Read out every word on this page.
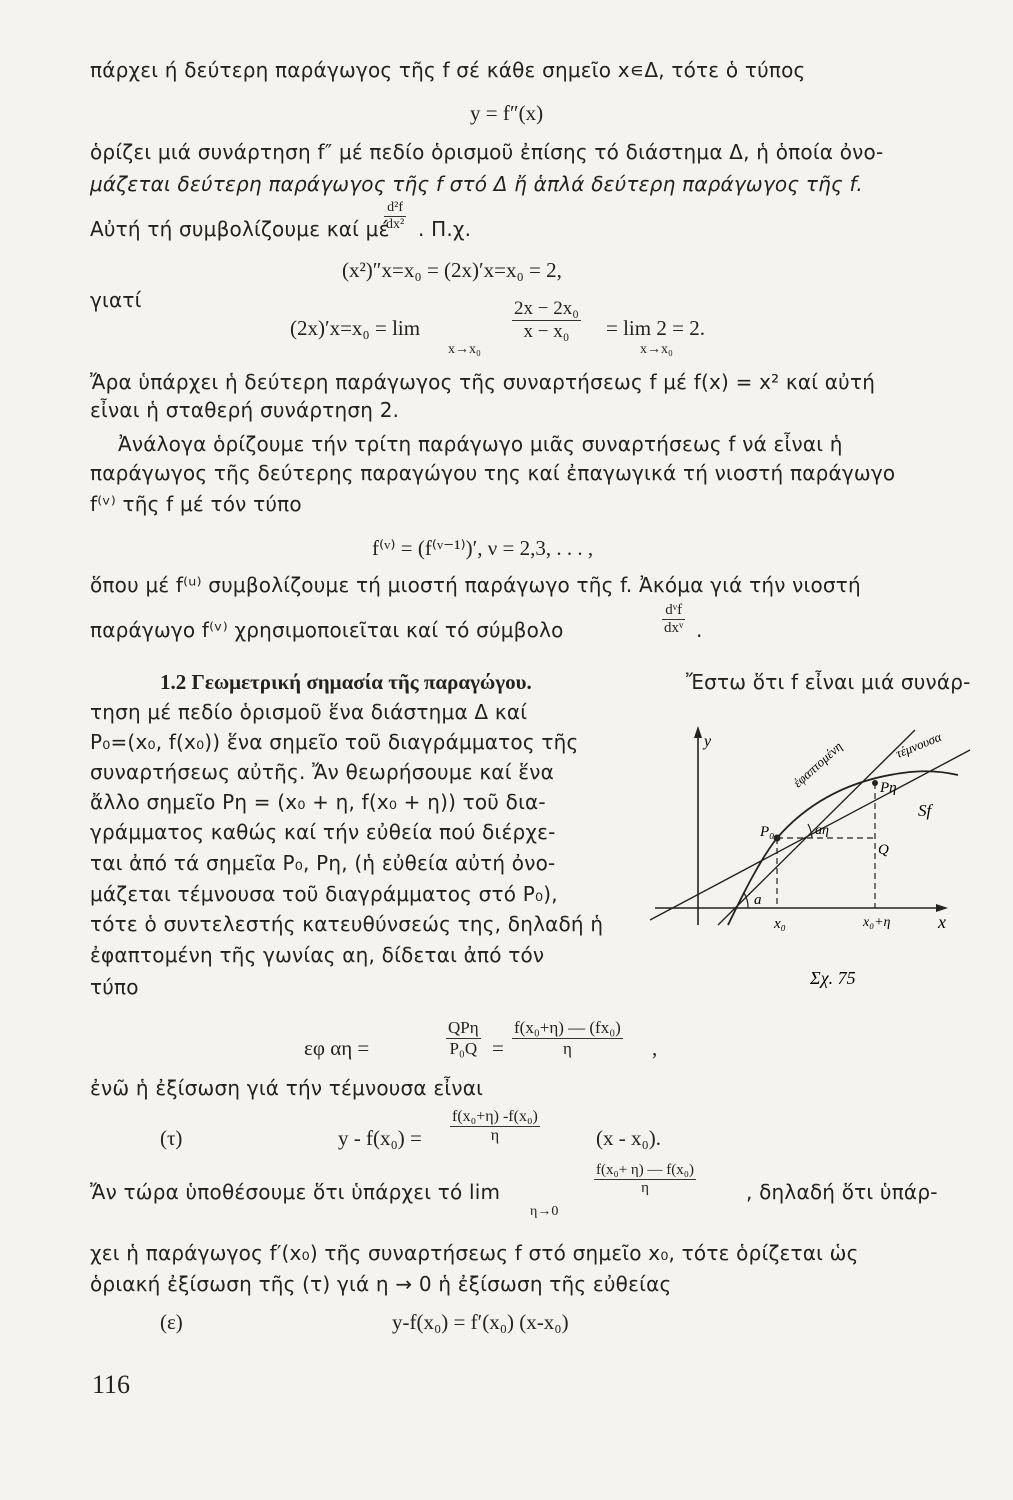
πάρχει ή δεύτερη παράγωγος τῆς f σέ κάθε σημεῖο x∊Δ, τότε ὁ τύπος
y = f″(x)
ὁρίζει μιά συνάρτηση f″ μέ πεδίο ὁρισμοῦ ἐπίσης τό διάστημα Δ, ἡ ὁποία ὀνο-
μάζεται δεύτερη παράγωγος τῆς f στό Δ ἤ ἁπλά δεύτερη παράγωγος τῆς f.
Αὐτή τή συμβολίζουμε καί μέ
$\frac{\text{d²f}}{\text{dx²}}$ . Π.χ.
(x²)″x=x₀ = (2x)′x=x₀ = 2,
γιατί
(2x)′x=x₀ = lim
x→x₀
$\frac{\text{2x − 2x₀}}{\text{x − x₀}} = \lim 2 = 2$.
x→x₀
Ἄρα ὑπάρχει ἡ δεύτερη παράγωγος τῆς συναρτήσεως f μέ f(x) = x² καί αὐτή
εἶναι ἡ σταθερή συνάρτηση 2.
Ἀνάλογα ὁρίζουμε τήν τρίτη παράγωγο μιᾶς συναρτήσεως f νά εἶναι ἡ
παράγωγος τῆς δεύτερης παραγώγου της καί ἐπαγωγικά τή νιοστή παράγωγο
f⁽ᵛ⁾ τῆς f μέ τόν τύπο
f⁽ᵛ⁾ = (f⁽ᵛ⁻¹⁾)′, ν = 2,3, . . . ,
ὅπου μέ f⁽ᵘ⁾ συμβολίζουμε τή μιοστή παράγωγο τῆς f. Ἀκόμα γιά τήν νιοστή
παράγωγο f⁽ᵛ⁾ χρησιμοποιεῖται καί τό σύμβολο
dᵛf
dxᵛ .
1.2 Γεωμετρική σημασία τῆς παραγώγου.	Ἔστω ὅτι f εἶναι μιά συνάρ-
τηση μέ πεδίο ὁρισμοῦ ἕνα διάστημα Δ καί
P₀=(x₀, f(x₀)) ἕνα σημεῖο τοῦ διαγράμματος τῆς
συναρτήσεως αὐτῆς. Ἄν θεωρήσουμε καί ἕνα
ἄλλο σημεῖο Pη = (x₀ + η, f(x₀ + η)) τοῦ δια-
γράμματος καθώς καί τήν εὐθεία πού διέρχε-
ται ἀπό τά σημεῖα P₀, Pη, (ἡ εὐθεία αὐτή ὀνο-
μάζεται τέμνουσα τοῦ διαγράμματος στό P₀),
τότε ὁ συντελεστής κατευθύνσεώς της, δηλαδή ἡ
ἐφαπτομένη τῆς γωνίας αη, δίδεται ἀπό τόν
τύπο
y
x
ἐφαπτομένη	τέμνουσα
P₀
Pη
Sf
Q
aη
a
x₀	x₀+η
Σχ. 75
εφ αη =
QPη
$P_0Q = \frac{\text{f(x₀+η) — (fx₀)}}{\eta}$ ,
ἐνῶ ἡ ἐξίσωση γιά τήν τέμνουσα εἶναι
(τ)	$y - f(x_0) = \frac{\text{f(x₀+η) -f(x₀)}}{\eta}$	(x - x₀).
Ἄν τώρα ὑποθέσουμε ὅτι ὑπάρχει τό lim
η→0
$\frac{\text{f(x₀+ η) — f(x₀)}}{\eta}$	, δηλαδή ὅτι ὑπάρ-
χει ἡ παράγωγος f′(x₀) τῆς συναρτήσεως f στό σημεῖο x₀, τότε ὁρίζεται ὡς
ὁριακή ἐξίσωση τῆς (τ) γιά η → 0 ἡ ἐξίσωση τῆς εὐθείας
(ε)	y-f(x₀) = f′(x₀) (x-x₀)
116
